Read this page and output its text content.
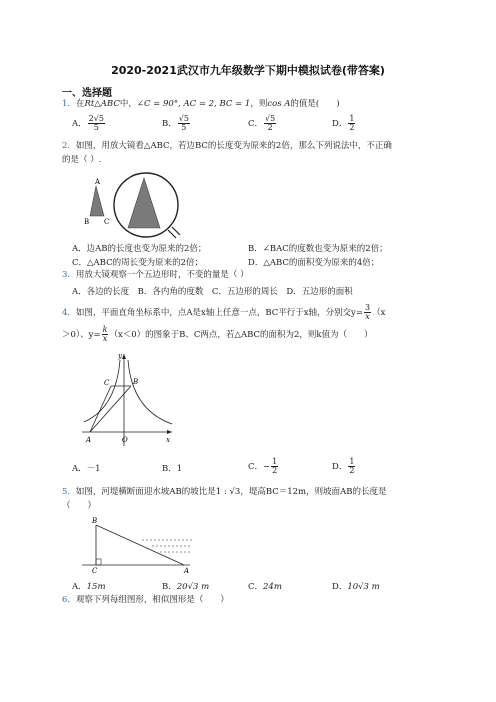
2020-2021武汉市九年级数学下期中模拟试卷(带答案)
一、选择题
1．在Rt△ABC中，∠C = 90°, AC = 2, BC = 1，则cos A的值是(　　)
A． $\frac{2√5}{5}$	B． $\frac{√5}{5}$	C． $\frac{√5}{2}$	D． $\frac{1}{2}$
2．如图，用放大镜看△ABC，若边BC的长度变为原来的2倍，那么下列说法中，不正确
的是（ ）.
A
B C
A．边AB的长度也变为原来的2倍；	B．∠BAC的度数也变为原来的2倍；
C．△ABC的周长变为原来的2倍；	D．△ABC的面积变为原来的4倍；
3．用放大镜观察一个五边形时，不变的量是（ ）
A．各边的长度　B．各内角的度数　C．五边形的周长　D．五边形的面积
4．如图，平面直角坐标系中，点A是x轴上任意一点，BC平行于x轴，分别交$y= \frac{3}{x} (x$
＞0）、$y= \frac{k}{x} (x<0)$的图象于B、C两点，若△ABC的面积为2，则k值为（　　）
y
x
O
A
C	B
A．－1	B．1	C．− $\frac{1}{2}$	D． $\frac{1}{2}$
5．如图，河堤横断面迎水坡AB的坡比是1 : √3，堤高BC＝12m，则坡面AB的长度是
（　　）
B
C	A
A．15m	B．20√3 m	C．24m	D．10√3 m
6．观察下列每组图形，相似图形是（　　）
